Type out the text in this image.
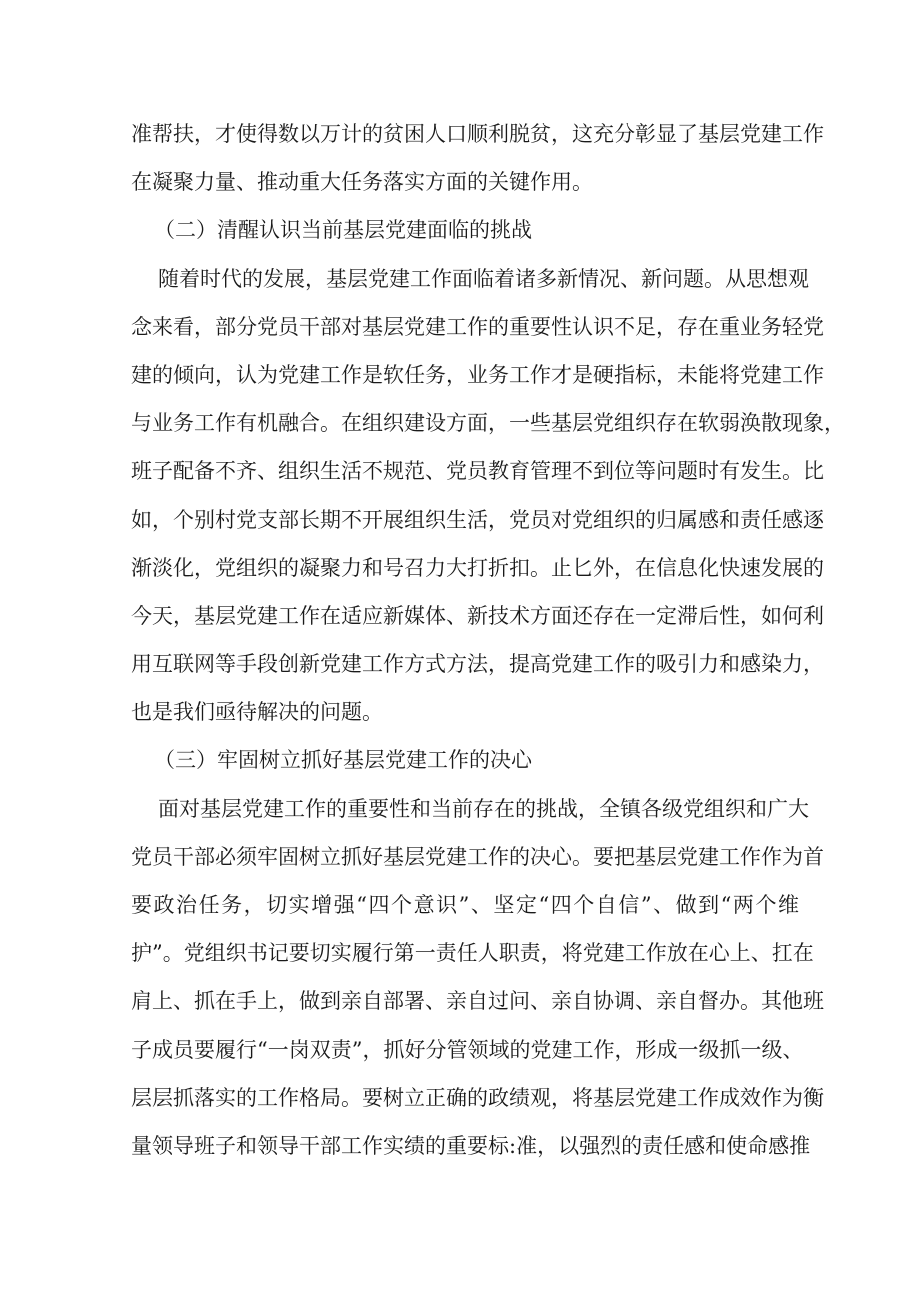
准帮扶，才使得数以万计的贫困人口顺利脱贫，这充分彰显了基层党建工作
在凝聚力量、推动重大任务落实方面的关键作用。
（二）清醒认识当前基层党建面临的挑战
随着时代的发展，基层党建工作面临着诸多新情况、新问题。从思想观
念来看，部分党员干部对基层党建工作的重要性认识不足，存在重业务轻党
建的倾向，认为党建工作是软任务，业务工作才是硬指标，未能将党建工作
与业务工作有机融合。在组织建设方面，一些基层党组织存在软弱涣散现象，
班子配备不齐、组织生活不规范、党员教育管理不到位等问题时有发生。比
如，个别村党支部长期不开展组织生活，党员对党组织的归属感和责任感逐
渐淡化，党组织的凝聚力和号召力大打折扣。止匕外，在信息化快速发展的
今天，基层党建工作在适应新媒体、新技术方面还存在一定滞后性，如何利
用互联网等手段创新党建工作方式方法，提高党建工作的吸引力和感染力，
也是我们亟待解决的问题。
（三）牢固树立抓好基层党建工作的决心
面对基层党建工作的重要性和当前存在的挑战，全镇各级党组织和广大
党员干部必须牢固树立抓好基层党建工作的决心。要把基层党建工作作为首
要政治任务，切实增强“四个意识”、坚定“四个自信”、做到“两个维
护”。党组织书记要切实履行第一责任人职责，将党建工作放在心上、扛在
肩上、抓在手上，做到亲自部署、亲自过问、亲自协调、亲自督办。其他班
子成员要履行“一岗双责”，抓好分管领域的党建工作，形成一级抓一级、
层层抓落实的工作格局。要树立正确的政绩观，将基层党建工作成效作为衡
量领导班子和领导干部工作实绩的重要标:准，以强烈的责任感和使命感推
